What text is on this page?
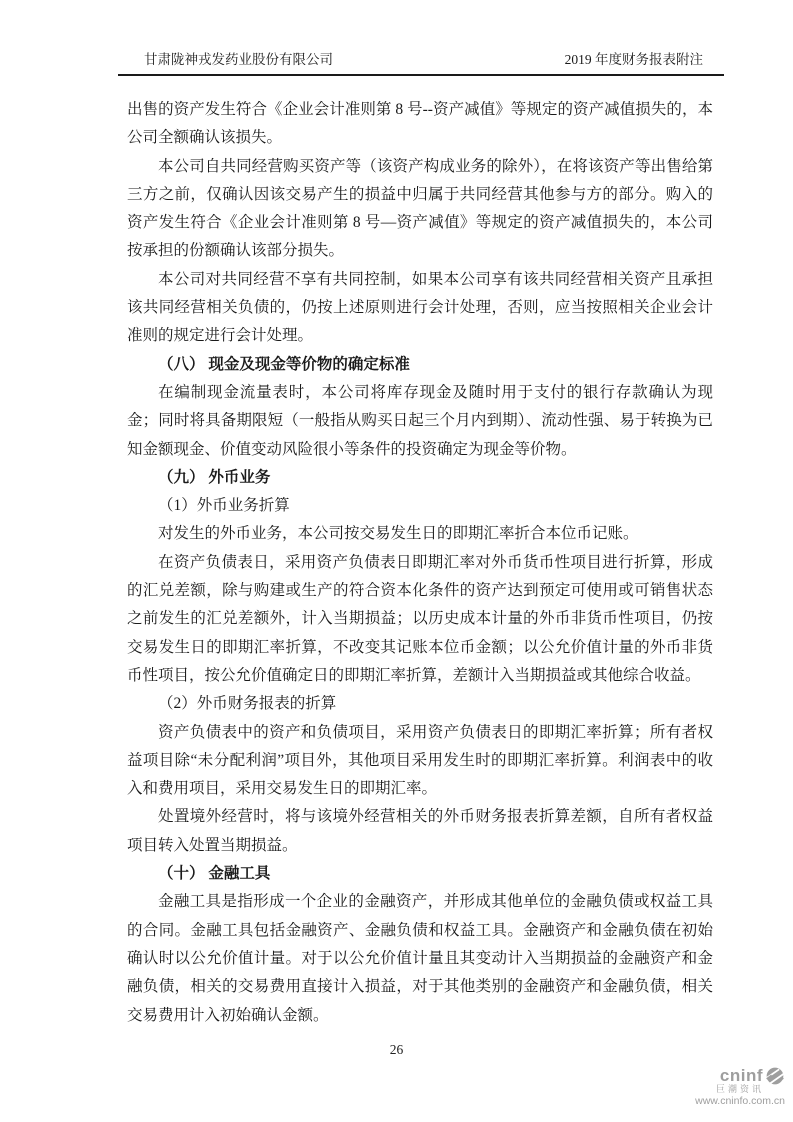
甘肃陇神戎发药业股份有限公司	2019 年度财务报表附注

出售的资产发生符合《企业会计准则第 8 号--资产减值》等规定的资产减值损失的，本公司全额确认该损失。

本公司自共同经营购买资产等（该资产构成业务的除外），在将该资产等出售给第三方之前，仅确认因该交易产生的损益中归属于共同经营其他参与方的部分。购入的资产发生符合《企业会计准则第 8 号—资产减值》等规定的资产减值损失的，本公司按承担的份额确认该部分损失。

本公司对共同经营不享有共同控制，如果本公司享有该共同经营相关资产且承担该共同经营相关负债的，仍按上述原则进行会计处理，否则，应当按照相关企业会计准则的规定进行会计处理。

（八） 现金及现金等价物的确定标准

在编制现金流量表时，本公司将库存现金及随时用于支付的银行存款确认为现金；同时将具备期限短（一般指从购买日起三个月内到期）、流动性强、易于转换为已知金额现金、价值变动风险很小等条件的投资确定为现金等价物。

（九） 外币业务

（1）外币业务折算

对发生的外币业务，本公司按交易发生日的即期汇率折合本位币记账。

在资产负债表日，采用资产负债表日即期汇率对外币货币性项目进行折算，形成的汇兑差额，除与购建或生产的符合资本化条件的资产达到预定可使用或可销售状态之前发生的汇兑差额外，计入当期损益；以历史成本计量的外币非货币性项目，仍按交易发生日的即期汇率折算，不改变其记账本位币金额；以公允价值计量的外币非货币性项目，按公允价值确定日的即期汇率折算，差额计入当期损益或其他综合收益。

（2）外币财务报表的折算

资产负债表中的资产和负债项目，采用资产负债表日的即期汇率折算；所有者权益项目除“未分配利润”项目外，其他项目采用发生时的即期汇率折算。利润表中的收入和费用项目，采用交易发生日的即期汇率。

处置境外经营时，将与该境外经营相关的外币财务报表折算差额，自所有者权益项目转入处置当期损益。

（十） 金融工具

金融工具是指形成一个企业的金融资产，并形成其他单位的金融负债或权益工具的合同。金融工具包括金融资产、金融负债和权益工具。金融资产和金融负债在初始确认时以公允价值计量。对于以公允价值计量且其变动计入当期损益的金融资产和金融负债，相关的交易费用直接计入损益，对于其他类别的金融资产和金融负债，相关交易费用计入初始确认金额。

26
cninf
巨潮资讯
www.cninfo.com.cn
